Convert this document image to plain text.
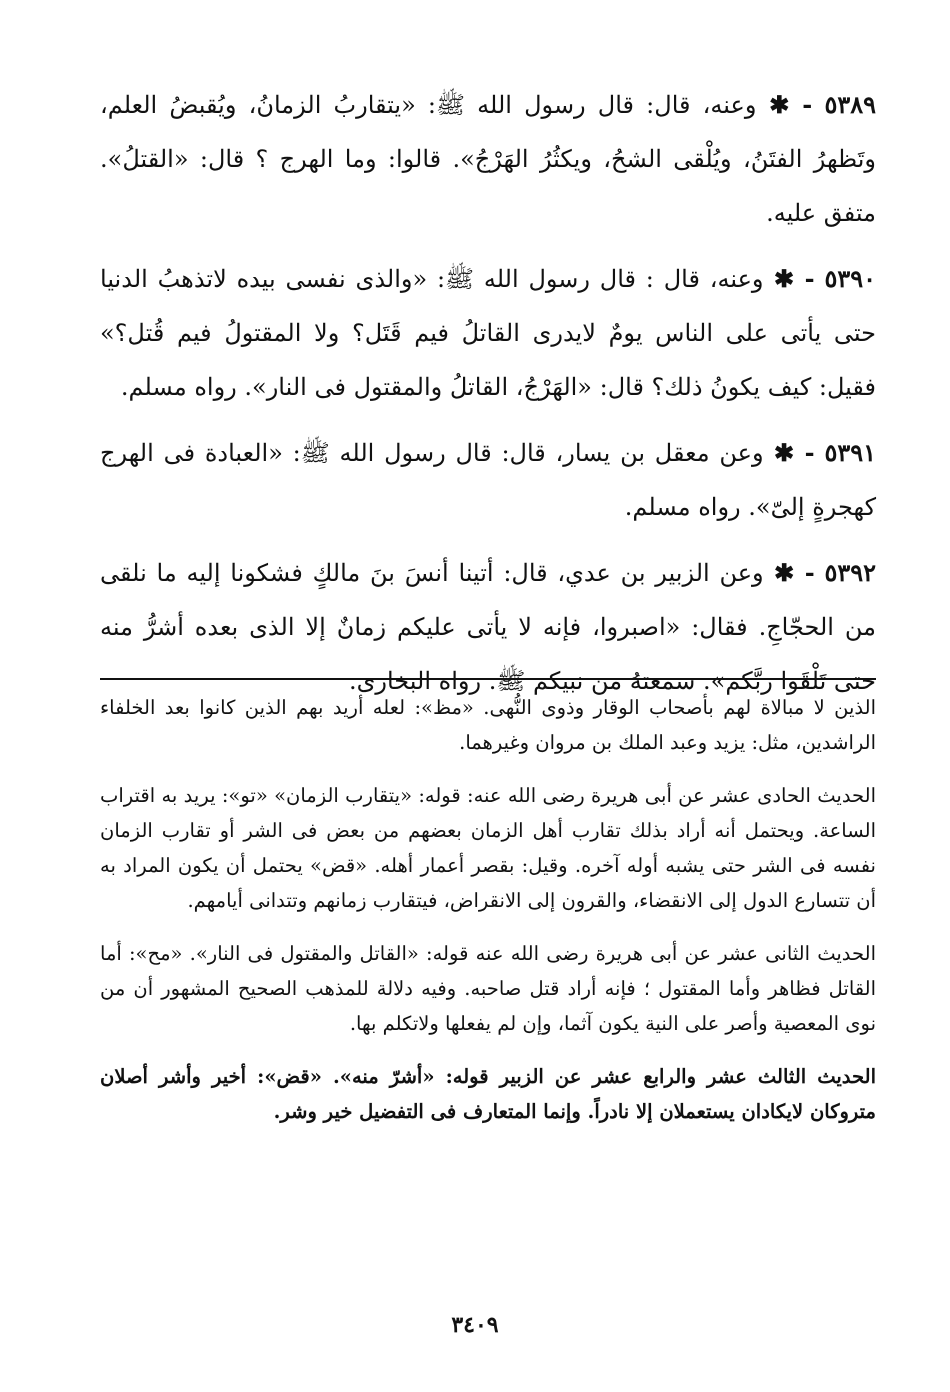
٥٣٨٩ - ✱ وعنه، قال: قال رسول الله ﷺ: «يتقاربُ الزمانُ، ويُقبضُ العلم، وتَظهرُ الفتَنُ، ويُلْقى الشحُ، ويكثُرُ الهَرْجُ». قالوا: وما الهرج ؟ قال: «القتلُ». متفق عليه.

٥٣٩٠ - ✱ وعنه، قال : قال رسول الله ﷺ: «والذى نفسى بيده لاتذهبُ الدنيا حتى يأتى على الناس يومٌ لايدرى القاتلُ فيم قَتَل؟ ولا المقتولُ فيم قُتل؟» فقيل: كيف يكونُ ذلك؟ قال: «الهَرْجُ، القاتلُ والمقتول فى النار». رواه مسلم.

٥٣٩١ - ✱ وعن معقل بن يسار، قال: قال رسول الله ﷺ: «العبادة فى الهرج كهجرةٍ إلىّ». رواه مسلم.

٥٣٩٢ - ✱ وعن الزبير بن عدي، قال: أتينا أنسَ بنَ مالكٍ فشكونا إليه ما نلقى من الحجّاجِ. فقال: «اصبروا، فإنه لا يأتى عليكم زمانٌ إلا الذى بعده أشرُّ منه حتى تَلْقَوا ربَّكم». سمعتهُ من نبيكم ﷺ. رواه البخارى.

الذين لا مبالاة لهم بأصحاب الوقار وذوى النُّهى. «مظ»: لعله أريد بهم الذين كانوا بعد الخلفاء الراشدين، مثل: يزيد وعبد الملك بن مروان وغيرهما.

الحديث الحادى عشر عن أبى هريرة رضى الله عنه: قوله: «يتقارب الزمان» «تو»: يريد به اقتراب الساعة. ويحتمل أنه أراد بذلك تقارب أهل الزمان بعضهم من بعض فى الشر أو تقارب الزمان نفسه فى الشر حتى يشبه أوله آخره. وقيل: بقصر أعمار أهله. «قض» يحتمل أن يكون المراد به أن تتسارع الدول إلى الانقضاء، والقرون إلى الانقراض، فيتقارب زمانهم وتتدانى أيامهم.

الحديث الثانى عشر عن أبى هريرة رضى الله عنه قوله: «القاتل والمقتول فى النار». «مح»: أما القاتل فظاهر وأما المقتول ؛ فإنه أراد قتل صاحبه. وفيه دلالة للمذهب الصحيح المشهور أن من نوى المعصية وأصر على النية يكون آثما، وإن لم يفعلها ولاتكلم بها.

الحديث الثالث عشر والرابع عشر عن الزبير قوله: «أشرّ منه». «قض»: أخير وأشر أصلان متروكان لايكادان يستعملان إلا نادراً. وإنما المتعارف فى التفضيل خير وشر.

٣٤٠٩
